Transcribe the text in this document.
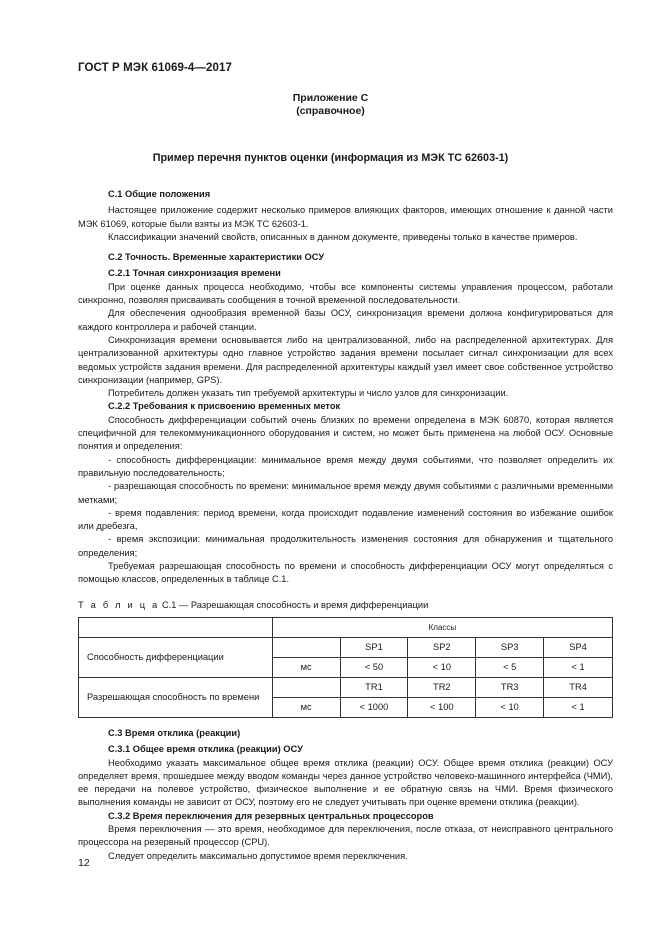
ГОСТ Р МЭК 61069-4—2017
Приложение С
(справочное)
Пример перечня пунктов оценки (информация из МЭК ТС 62603-1)
С.1 Общие положения

Настоящее приложение содержит несколько примеров влияющих факторов, имеющих отношение к данной части МЭК 61069, которые были взяты из МЭК ТС 62603-1.

Классификации значений свойств, описанных в данном документе, приведены только в качестве примеров.

С.2 Точность. Временные характеристики ОСУ
С.2.1 Точная синхронизация времени

При оценке данных процесса необходимо, чтобы все компоненты системы управления процессом, работали синхронно, позволяя присваивать сообщения в точной временной последовательности.

Для обеспечения однообразия временной базы ОСУ, синхронизация времени должна конфигурироваться для каждого контроллера и рабочей станции.

Синхронизация времени основывается либо на централизованной, либо на распределенной архитектурах. Для централизованной архитектуры одно главное устройство задания времени посылает сигнал синхронизации для всех ведомых устройств задания времени. Для распределенной архитектуры каждый узел имеет свое собственное устройство синхронизации (например, GPS).

Потребитель должен указать тип требуемой архитектуры и число узлов для синхронизации.

С.2.2 Требования к присвоению временных меток

Способность дифференциации событий очень близких по времени определена в МЭК 60870, которая является специфичной для телекоммуникационного оборудования и систем, но может быть применена на любой ОСУ. Основные понятия и определения:

- способность дифференциации: минимальное время между двумя событиями, что позволяет определить их правильную последовательность;

- разрешающая способность по времени: минимальное время между двумя событиями с различными временными метками;

- время подавления: период времени, когда происходит подавление изменений состояния во избежание ошибок или дребезга,

- время экспозиции: минимальная продолжительность изменения состояния для обнаружения и тщательного определения;

Требуемая разрешающая способность по времени и способность дифференциации ОСУ могут определяться с помощью классов, определенных в таблице С.1.

Т а б л и ц а С.1 — Разрешающая способность и время дифференциации
	Классы				
Способность дифференциации		SP1	SP2	SP3	SP4
	мс	< 50	< 10	< 5	< 1
Разрешающая способность по времени		TR1	TR2	TR3	TR4
	мс	< 1000	< 100	< 10	< 1
С.3 Время отклика (реакции)
С.3.1 Общее время отклика (реакции) ОСУ

Необходимо указать максимальное общее время отклика (реакции) ОСУ. Общее время отклика (реакции) ОСУ определяет время, прошедшее между вводом команды через данное устройство человеко-машинного интерфейса (ЧМИ), ее передачи на полевое устройство, физическое выполнение и ее обратную связь на ЧМИ. Время физического выполнения команды не зависит от ОСУ, поэтому его не следует учитывать при оценке времени отклика (реакции).

С.3.2 Время переключения для резервных центральных процессоров

Время переключения — это время, необходимое для переключения, после отказа, от неисправного центрального процессора на резервный процессор (CPU).

Следует определить максимально допустимое время переключения.

12
